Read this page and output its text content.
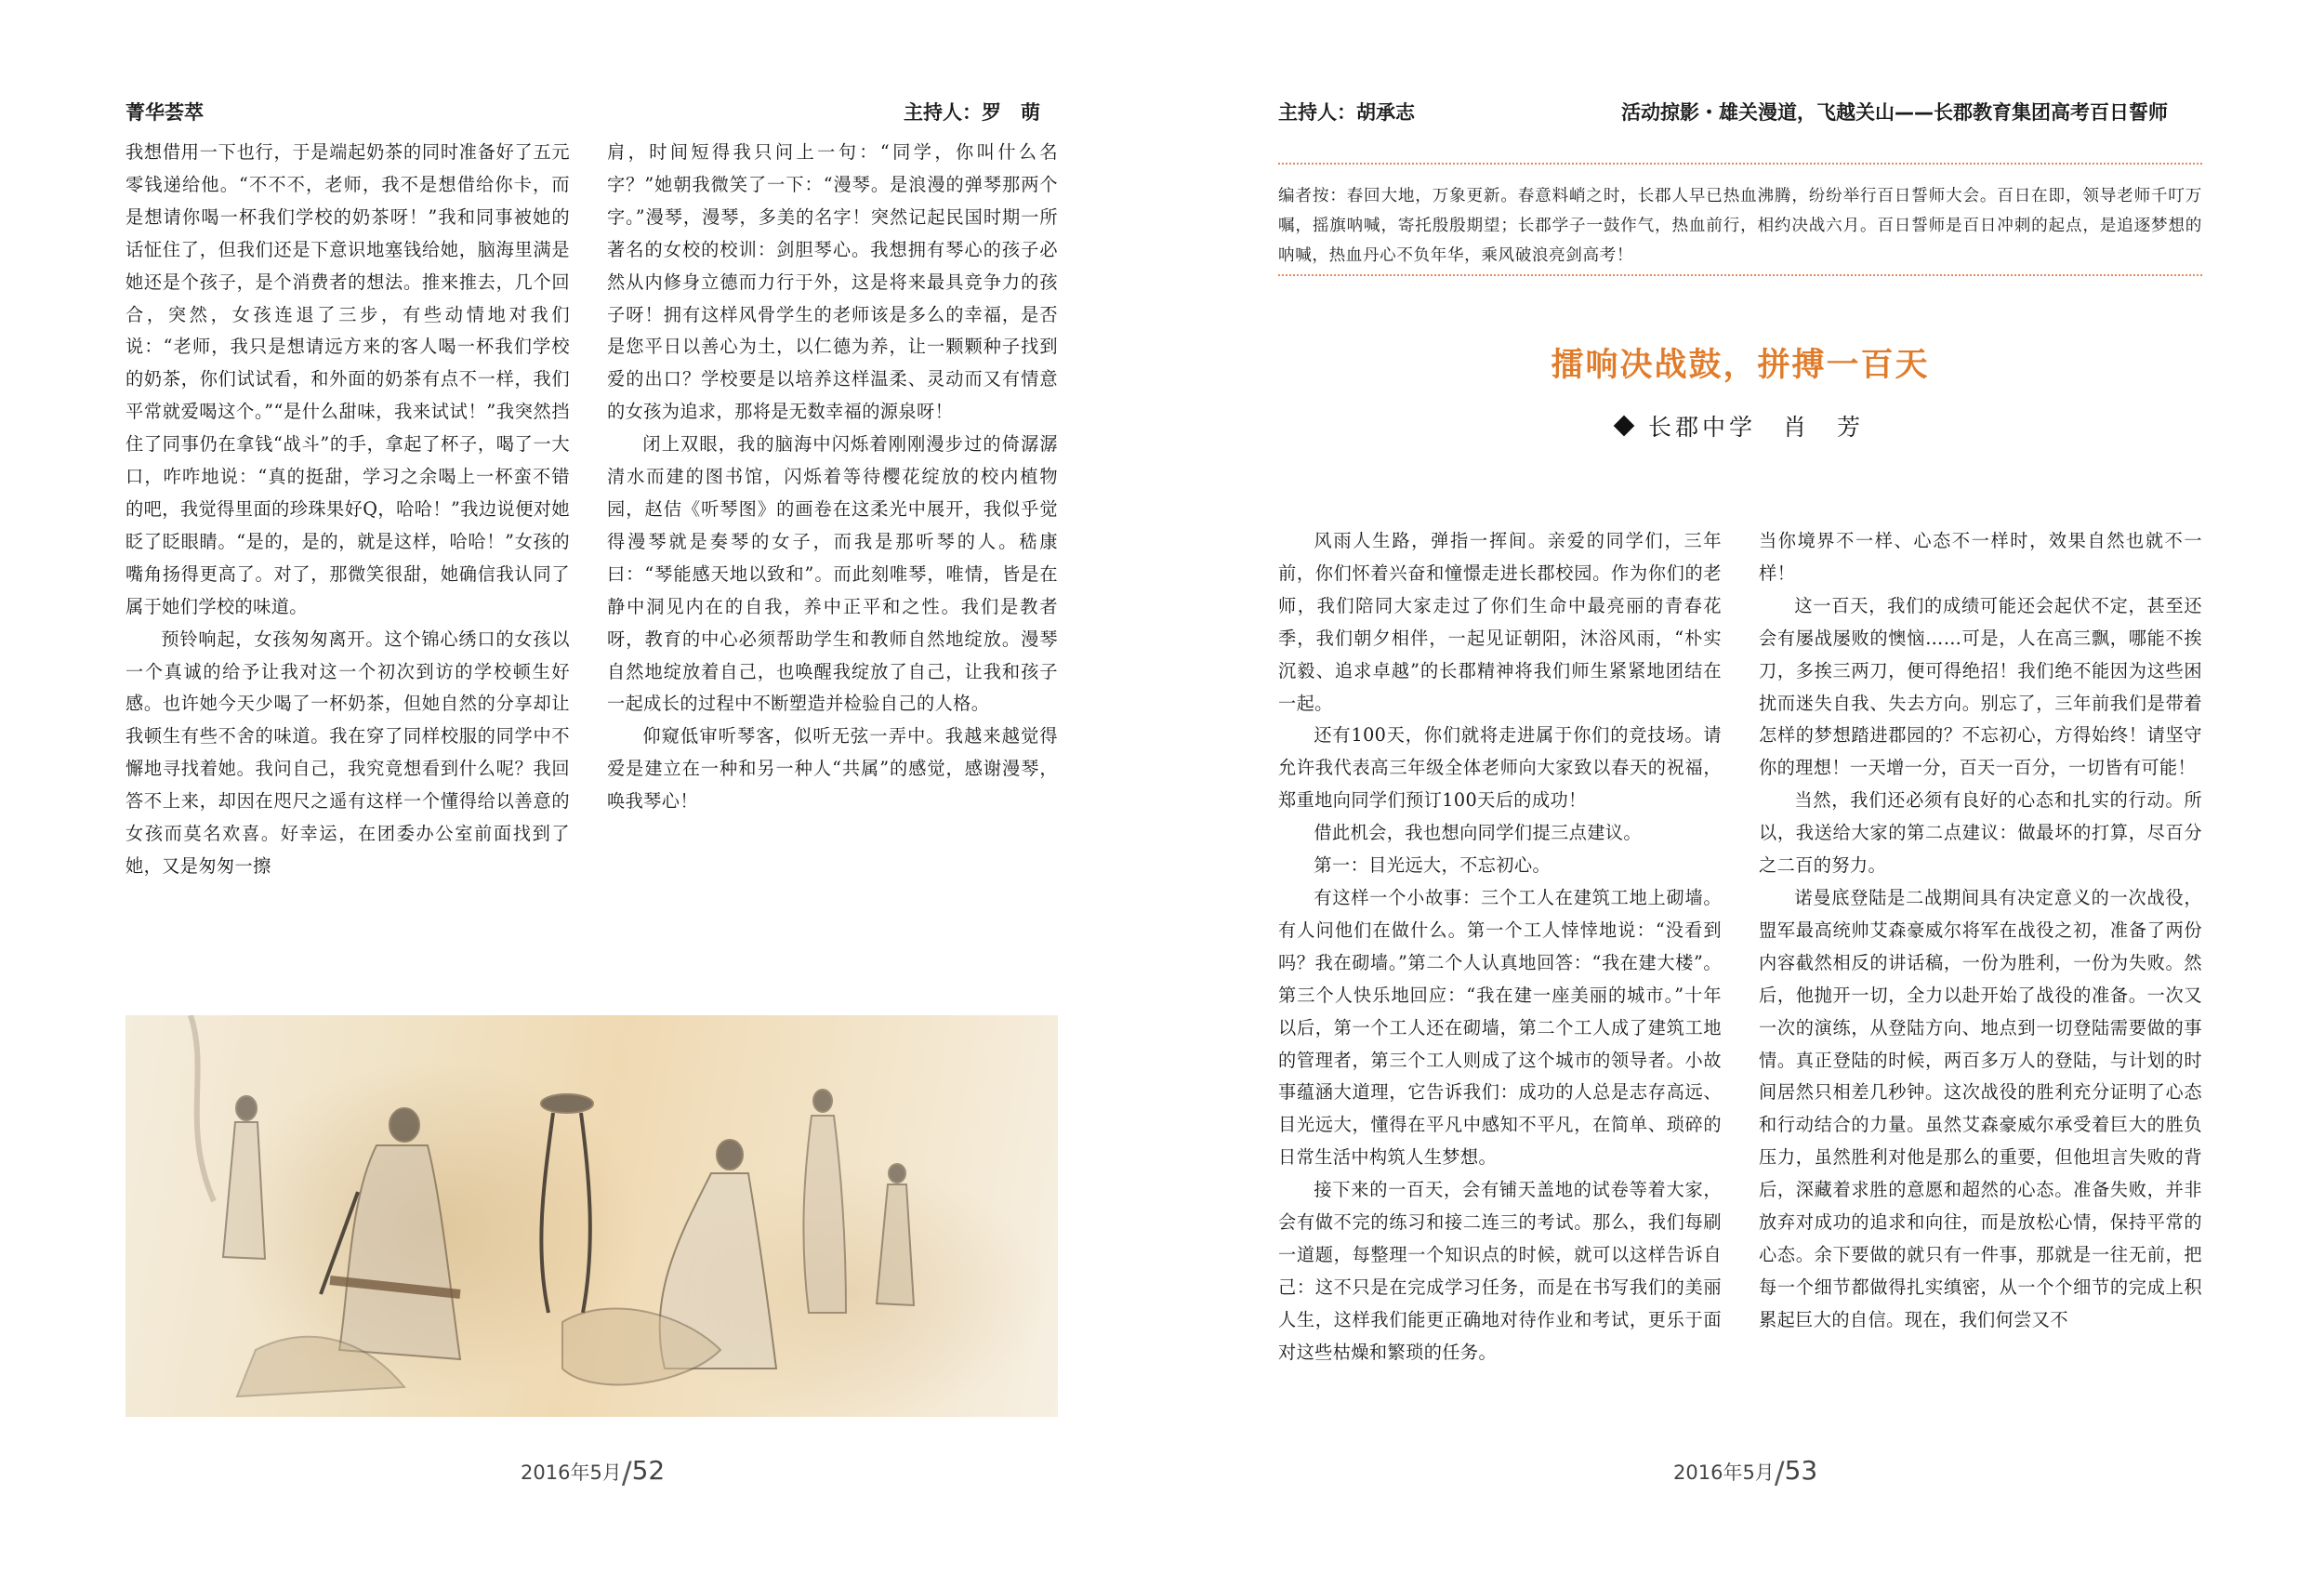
菁华荟萃	主持人：罗　萌

我想借用一下也行，于是端起奶茶的同时准备好了五元零钱递给他。“不不不，老师，我不是想借给你卡，而是想请你喝一杯我们学校的奶茶呀！”我和同事被她的话怔住了，但我们还是下意识地塞钱给她，脑海里满是她还是个孩子，是个消费者的想法。推来推去，几个回合，突然，女孩连退了三步，有些动情地对我们说：“老师，我只是想请远方来的客人喝一杯我们学校的奶茶，你们试试看，和外面的奶茶有点不一样，我们平常就爱喝这个。”“是什么甜味，我来试试！”我突然挡住了同事仍在拿钱“战斗”的手，拿起了杯子，喝了一大口，咋咋地说：“真的挺甜，学习之余喝上一杯蛮不错的吧，我觉得里面的珍珠果好Q，哈哈！”我边说便对她眨了眨眼睛。“是的，是的，就是这样，哈哈！”女孩的嘴角扬得更高了。对了，那微笑很甜，她确信我认同了属于她们学校的味道。

预铃响起，女孩匆匆离开。这个锦心绣口的女孩以一个真诚的给予让我对这一个初次到访的学校顿生好感。也许她今天少喝了一杯奶茶，但她自然的分享却让我顿生有些不舍的味道。我在穿了同样校服的同学中不懈地寻找着她。我问自己，我究竟想看到什么呢？我回答不上来，却因在咫尺之遥有这样一个懂得给以善意的女孩而莫名欢喜。好幸运，在团委办公室前面找到了她，又是匆匆一擦

肩，时间短得我只问上一句：“同学，你叫什么名字？”她朝我微笑了一下：“漫琴。是浪漫的弹琴那两个字。”漫琴，漫琴，多美的名字！突然记起民国时期一所著名的女校的校训：剑胆琴心。我想拥有琴心的孩子必然从内修身立德而力行于外，这是将来最具竞争力的孩子呀！拥有这样风骨学生的老师该是多么的幸福，是否是您平日以善心为土，以仁德为养，让一颗颗种子找到爱的出口？学校要是以培养这样温柔、灵动而又有情意的女孩为追求，那将是无数幸福的源泉呀！

闭上双眼，我的脑海中闪烁着刚刚漫步过的倚潺潺清水而建的图书馆，闪烁着等待樱花绽放的校内植物园，赵佶《听琴图》的画卷在这柔光中展开，我似乎觉得漫琴就是奏琴的女子，而我是那听琴的人。嵇康曰：“琴能感天地以致和”。而此刻唯琴，唯情，皆是在静中洞见内在的自我，养中正平和之性。我们是教者呀，教育的中心必须帮助学生和教师自然地绽放。漫琴自然地绽放着自己，也唤醒我绽放了自己，让我和孩子一起成长的过程中不断塑造并检验自己的人格。

仰窥低审听琴客，似听无弦一弄中。我越来越觉得爱是建立在一种和另一种人“共属”的感觉，感谢漫琴，唤我琴心！

2016年5月/52
主持人：胡承志	活动掠影・雄关漫道，飞越关山——长郡教育集团高考百日誓师
编者按：春回大地，万象更新。春意料峭之时，长郡人早已热血沸腾，纷纷举行百日誓师大会。百日在即，领导老师千叮万嘱，摇旗呐喊，寄托殷殷期望；长郡学子一鼓作气，热血前行，相约决战六月。百日誓师是百日冲刺的起点，是追逐梦想的呐喊，热血丹心不负年华，乘风破浪亮剑高考！
擂响决战鼓，拼搏一百天
长郡中学　肖　芳

风雨人生路，弹指一挥间。亲爱的同学们，三年前，你们怀着兴奋和憧憬走进长郡校园。作为你们的老师，我们陪同大家走过了你们生命中最亮丽的青春花季，我们朝夕相伴，一起见证朝阳，沐浴风雨，“朴实沉毅、追求卓越”的长郡精神将我们师生紧紧地团结在一起。

还有100天，你们就将走进属于你们的竞技场。请允许我代表高三年级全体老师向大家致以春天的祝福，郑重地向同学们预订100天后的成功！

借此机会，我也想向同学们提三点建议。

第一：目光远大，不忘初心。

有这样一个小故事：三个工人在建筑工地上砌墙。有人问他们在做什么。第一个工人悻悻地说：“没看到吗？我在砌墙。”第二个人认真地回答：“我在建大楼”。第三个人快乐地回应：“我在建一座美丽的城市。”十年以后，第一个工人还在砌墙，第二个工人成了建筑工地的管理者，第三个工人则成了这个城市的领导者。小故事蕴涵大道理，它告诉我们：成功的人总是志存高远、目光远大，懂得在平凡中感知不平凡，在简单、琐碎的日常生活中构筑人生梦想。

接下来的一百天，会有铺天盖地的试卷等着大家，会有做不完的练习和接二连三的考试。那么，我们每刷一道题，每整理一个知识点的时候，就可以这样告诉自己：这不只是在完成学习任务，而是在书写我们的美丽人生，这样我们能更正确地对待作业和考试，更乐于面对这些枯燥和繁琐的任务。

当你境界不一样、心态不一样时，效果自然也就不一样！

这一百天，我们的成绩可能还会起伏不定，甚至还会有屡战屡败的懊恼……可是，人在高三飘，哪能不挨刀，多挨三两刀，便可得绝招！我们绝不能因为这些困扰而迷失自我、失去方向。别忘了，三年前我们是带着怎样的梦想踏进郡园的？不忘初心，方得始终！请坚守你的理想！一天增一分，百天一百分，一切皆有可能！

当然，我们还必须有良好的心态和扎实的行动。所以，我送给大家的第二点建议：做最坏的打算，尽百分之二百的努力。

诺曼底登陆是二战期间具有决定意义的一次战役，盟军最高统帅艾森豪威尔将军在战役之初，准备了两份内容截然相反的讲话稿，一份为胜利，一份为失败。然后，他抛开一切，全力以赴开始了战役的准备。一次又一次的演练，从登陆方向、地点到一切登陆需要做的事情。真正登陆的时候，两百多万人的登陆，与计划的时间居然只相差几秒钟。这次战役的胜利充分证明了心态和行动结合的力量。虽然艾森豪威尔承受着巨大的胜负压力，虽然胜利对他是那么的重要，但他坦言失败的背后，深藏着求胜的意愿和超然的心态。准备失败，并非放弃对成功的追求和向往，而是放松心情，保持平常的心态。余下要做的就只有一件事，那就是一往无前，把每一个细节都做得扎实缜密，从一个个细节的完成上积累起巨大的自信。现在，我们何尝又不

2016年5月/53
